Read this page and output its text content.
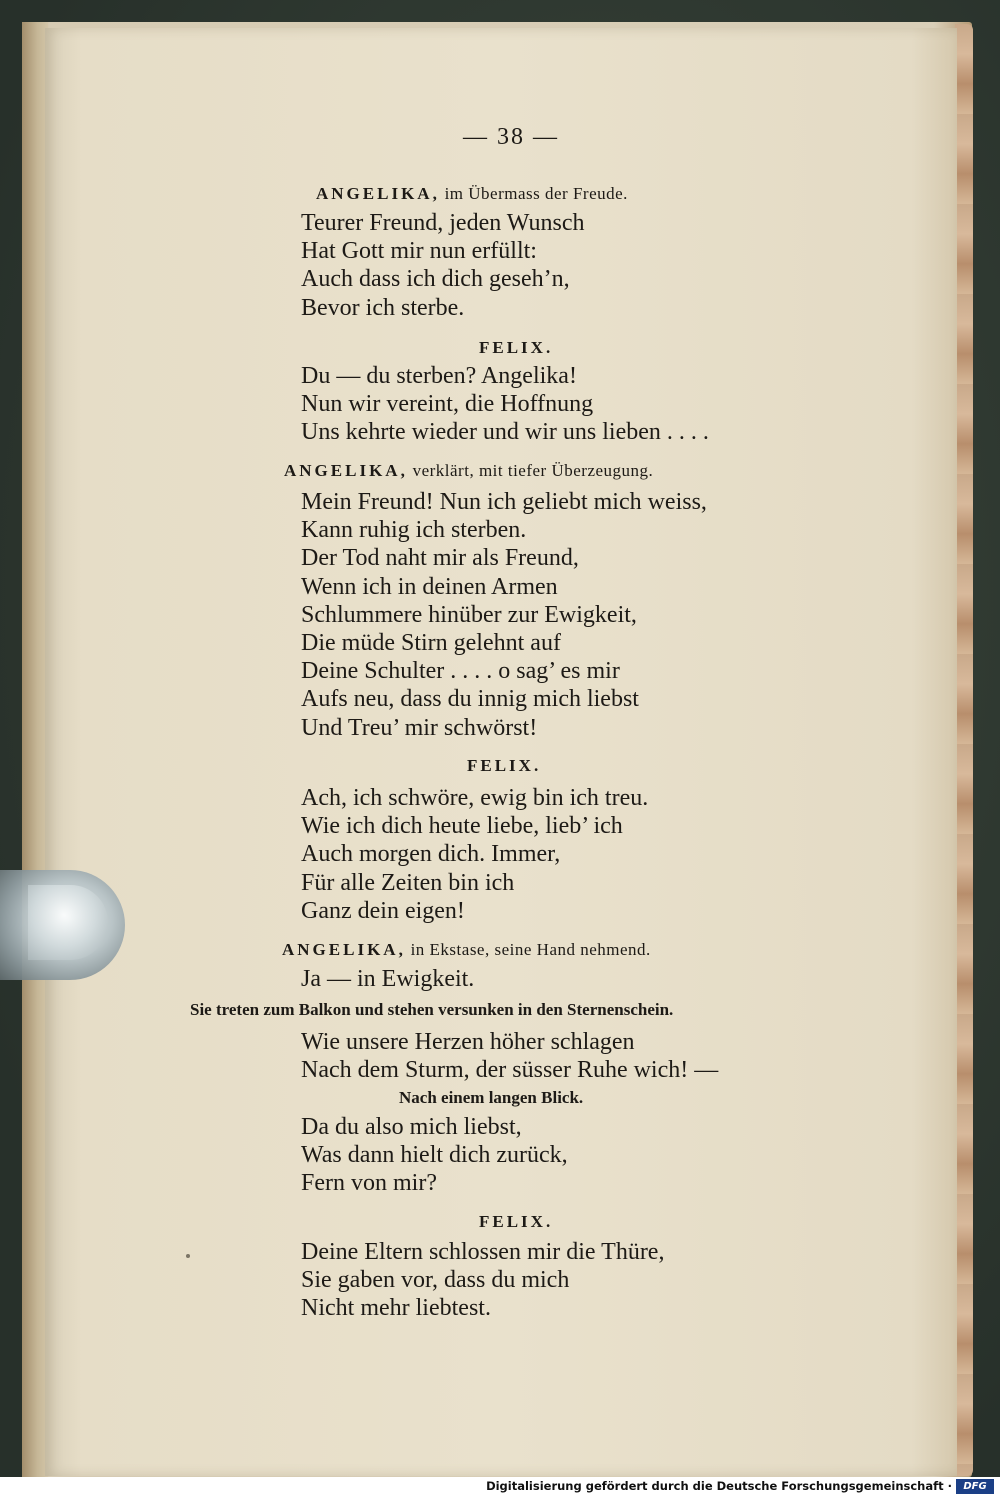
— 38 —
ANGELIKA, im Übermass der Freude.
Teurer Freund, jeden Wunsch
Hat Gott mir nun erfüllt:
Auch dass ich dich geseh’n,
Bevor ich sterbe.
FELIX.
Du — du sterben? Angelika!
Nun wir vereint, die Hoffnung
Uns kehrte wieder und wir uns lieben . . . .
ANGELIKA, verklärt, mit tiefer Überzeugung.
Mein Freund! Nun ich geliebt mich weiss,
Kann ruhig ich sterben.
Der Tod naht mir als Freund,
Wenn ich in deinen Armen
Schlummere hinüber zur Ewigkeit,
Die müde Stirn gelehnt auf
Deine Schulter . . . . o sag’ es mir
Aufs neu, dass du innig mich liebst
Und Treu’ mir schwörst!
FELIX.
Ach, ich schwöre, ewig bin ich treu.
Wie ich dich heute liebe, lieb’ ich
Auch morgen dich. Immer,
Für alle Zeiten bin ich
Ganz dein eigen!
ANGELIKA, in Ekstase, seine Hand nehmend.
Ja — in Ewigkeit.
Sie treten zum Balkon und stehen versunken in den Sternenschein.
Wie unsere Herzen höher schlagen
Nach dem Sturm, der süsser Ruhe wich! —
Nach einem langen Blick.
Da du also mich liebst,
Was dann hielt dich zurück,
Fern von mir?
FELIX.
Deine Eltern schlossen mir die Thüre,
Sie gaben vor, dass du mich
Nicht mehr liebtest.
Digitalisierung gefördert durch die Deutsche Forschungsgemeinschaft ·	DFG
